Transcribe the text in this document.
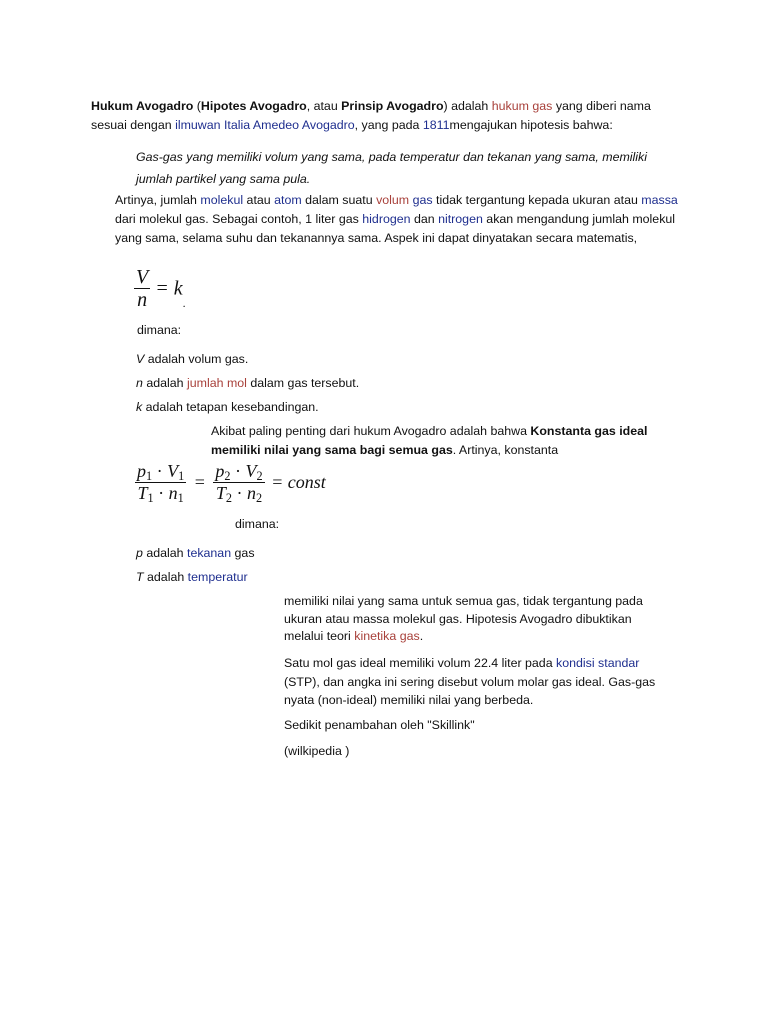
Hukum Avogadro (Hipotes Avogadro, atau Prinsip Avogadro) adalah hukum gas yang diberi nama sesuai dengan ilmuwan Italia Amedeo Avogadro, yang pada 1811mengajukan hipotesis bahwa:

Gas-gas yang memiliki volum yang sama, pada temperatur dan tekanan yang sama, memiliki jumlah partikel yang sama pula.

Artinya, jumlah molekul atau atom dalam suatu volum gas tidak tergantung kepada ukuran atau massa dari molekul gas. Sebagai contoh, 1 liter gas hidrogen dan nitrogen akan mengandung jumlah molekul yang sama, selama suhu dan tekanannya sama. Aspek ini dapat dinyatakan secara matematis,

$\frac{V}{n} = k_.$

dimana:

V adalah volum gas.

n adalah jumlah mol dalam gas tersebut.

k adalah tetapan kesebandingan.

Akibat paling penting dari hukum Avogadro adalah bahwa Konstanta gas ideal memiliki nilai yang sama bagi semua gas. Artinya, konstanta

$\frac{p_1 \cdot V_1}{T_1 \cdot n_1} = \frac{p_2 \cdot V_2}{T_2 \cdot n_2}$ = const

dimana:

p adalah tekanan gas

T adalah temperatur

memiliki nilai yang sama untuk semua gas, tidak tergantung pada ukuran atau massa molekul gas. Hipotesis Avogadro dibuktikan melalui teori kinetika gas.

Satu mol gas ideal memiliki volum 22.4 liter pada kondisi standar (STP), dan angka ini sering disebut volum molar gas ideal. Gas-gas nyata (non-ideal) memiliki nilai yang berbeda.

Sedikit penambahan oleh "Skillink"

(wilkipedia )
